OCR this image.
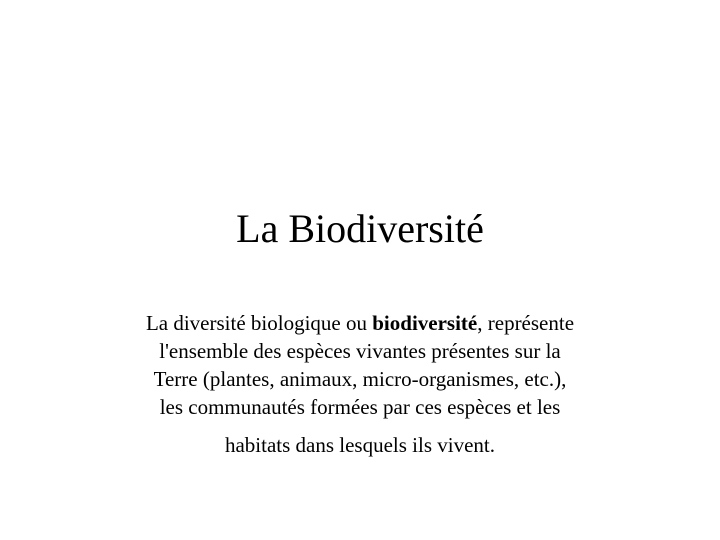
La Biodiversité
La diversité biologique ou biodiversité, représente
l'ensemble des espèces vivantes présentes sur la
Terre (plantes, animaux, micro-organismes, etc.),
les communautés formées par ces espèces et les
habitats dans lesquels ils vivent.
